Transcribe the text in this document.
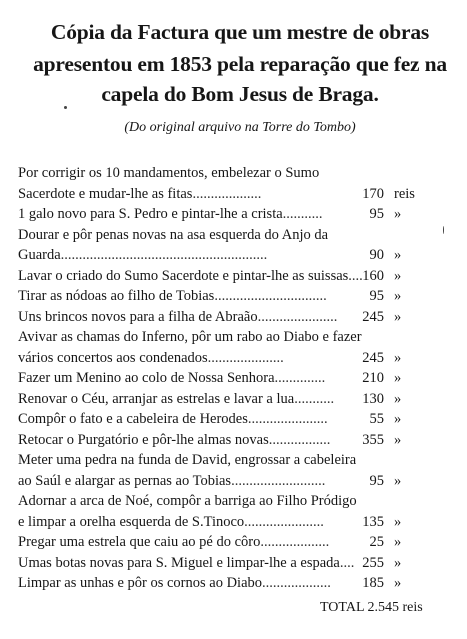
Cópia da Factura que um mestre de obras
apresentou em 1853 pela reparação que fez na
capela do Bom Jesus de Braga.
(Do original arquivo na Torre do Tombo)
Por corrigir os 10 mandamentos, embelezar o Sumo
Sacerdote e mudar-lhe as fitas...................	170 reis
1 galo novo para S. Pedro e pintar-lhe a crista...........	95 »
Dourar e pôr penas novas na asa esquerda do Anjo da
Guarda.........................................................	90 »
Lavar o criado do Sumo Sacerdote e pintar-lhe as suissas.... 160 »
Tirar as nódoas ao filho de Tobias...............................	95 »
Uns brincos novos para a filha de Abraão......................	245 »
Avivar as chamas do Inferno, pôr um rabo ao Diabo e fazer
vários concertos aos condenados.....................	245 »
Fazer um Menino ao colo de Nossa Senhora..............	210 »
Renovar o Céu, arranjar as estrelas e lavar a lua...........	130 »
Compôr o fato e a cabeleira de Herodes......................	55 »
Retocar o Purgatório e pôr-lhe almas novas.................	355 »
Meter uma pedra na funda de David, engrossar a cabeleira
ao Saúl e alargar as pernas ao Tobias..........................	95 »
Adornar a arca de Noé, compôr a barriga ao Filho Pródigo
e limpar a orelha esquerda de S.Tinoco......................	135 »
Pregar uma estrela que caiu ao pé do côro...................	25 »
Umas botas novas para S. Miguel e limpar-lhe a espada.... 255 »
Limpar as unhas e pôr os cornos ao Diabo...................	185 »
TOTAL 2.545 reis
